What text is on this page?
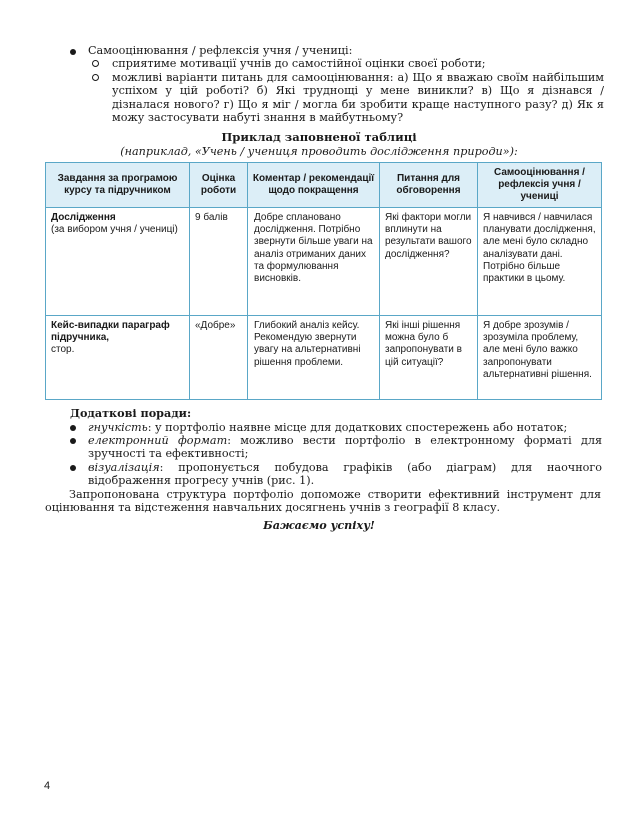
Самооцінювання / рефлексія учня / учениці:
сприятиме мотивації учнів до самостійної оцінки своєї роботи;
можливі варіанти питань для самооцінювання: а) Що я вважаю своїм найбільшим успіхом у цій роботі? б) Які труднощі у мене виникли? в) Що я дізнався / дізналася нового? г) Що я міг / могла би зробити краще наступного разу? д) Як я можу застосувати набуті знання в майбутньому?
Приклад заповненої таблиці
(наприклад, «Учень / учениця проводить дослідження природи»):
Завдання за програмою курсу та підручником	Оцінка роботи	Коментар / рекомендації щодо покращення	Питання для обговорення	Самооцінювання / рефлексія учня / учениці

Дослідження
(за вибором учня / учениці)	9 балів	Добре сплановано дослідження. Потрібно звернути більше уваги на аналіз отриманих даних та формулювання висновків.	Які фактори могли вплинути на результати вашого дослідження?	Я навчився / навчилася планувати дослідження, але мені було складно аналізувати дані. Потрібно більше практики в цьому.

Кейс-випадки параграф підручника,
стор.	«Добре»	Глибокий аналіз кейсу. Рекомендую звернути увагу на альтернативні рішення проблеми.	Які інші рішення можна було б запропонувати в цій ситуації?	Я добре зрозумів / зрозуміла проблему, але мені було важко запропонувати альтернативні рішення.
Додаткові поради:
гнучкість: у портфоліо наявне місце для додаткових спостережень або нотаток;
електронний формат: можливо вести портфоліо в електронному форматі для зручності та ефективності;
візуалізація: пропонується побудова графіків (або діаграм) для наочного відображення прогресу учнів (рис. 1).
Запропонована структура портфоліо допоможе створити ефективний інструмент для оцінювання та відстеження навчальних досягнень учнів з географії 8 класу.
Бажаємо успіху!
4
